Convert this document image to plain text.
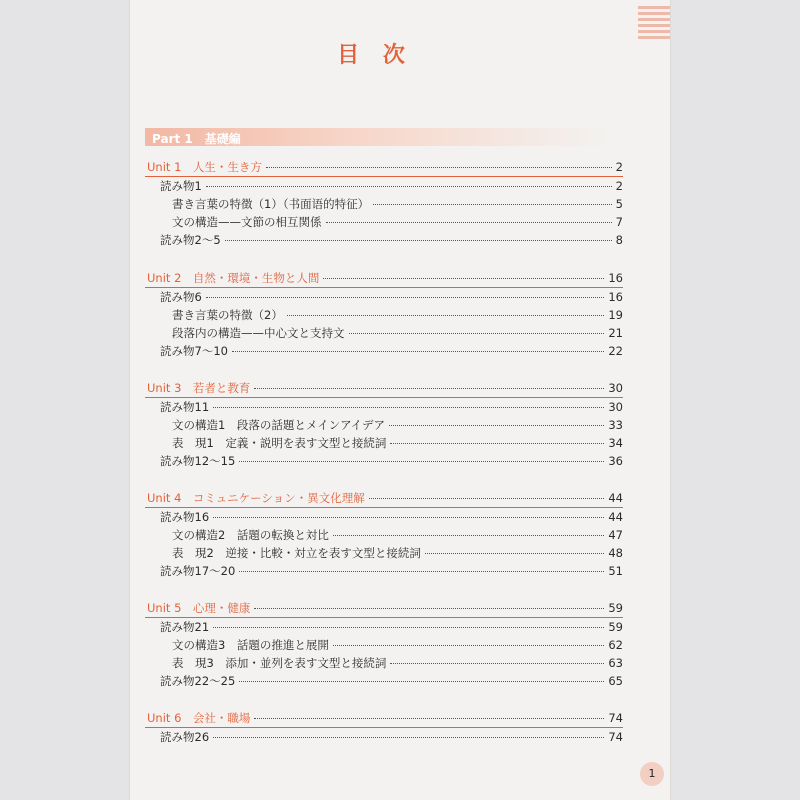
目 次
Part 1　基礎編
Unit 1　人生・生き方	2
読み物1	2
書き言葉の特徴（1）（书面语的特征）	5
文の構造——文節の相互関係	7
読み物2～5	8
Unit 2　自然・環境・生物と人間	16
読み物6	16
書き言葉の特徴（2）	19
段落内の構造——中心文と支持文	21
読み物7～10	22
Unit 3　若者と教育	30
読み物11	30
文の構造1　段落の話題とメインアイデア	33
表　現1　定義・説明を表す文型と接続詞	34
読み物12～15	36
Unit 4　コミュニケーション・異文化理解	44
読み物16	44
文の構造2　話題の転換と対比	47
表　現2　逆接・比較・対立を表す文型と接続詞	48
読み物17～20	51
Unit 5　心理・健康	59
読み物21	59
文の構造3　話題の推進と展開	62
表　現3　添加・並列を表す文型と接続詞	63
読み物22～25	65
Unit 6　会社・職場	74
読み物26	74
1
